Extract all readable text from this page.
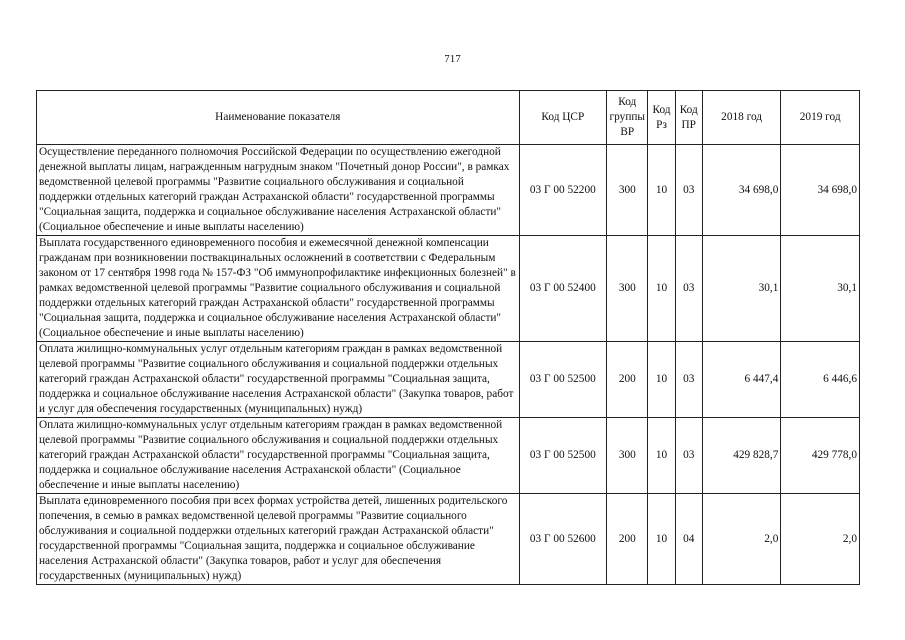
717
Наименование показателя	Код ЦСР	Код группы ВР	Код Рз	Код ПР	2018 год	2019 год
Осуществление переданного полномочия Российской Федерации по осуществлению ежегодной денежной выплаты лицам, награжденным нагрудным знаком "Почетный донор России", в рамках ведомственной целевой программы "Развитие социального обслуживания и социальной поддержки отдельных категорий граждан Астраханской области" государственной программы "Социальная защита, поддержка и социальное обслуживание населения Астраханской области" (Социальное обеспечение и иные выплаты населению)	03 Г 00 52200	300	10	03	34 698,0	34 698,0
Выплата государственного единовременного пособия и ежемесячной денежной компенсации гражданам при возникновении поствакцинальных осложнений в соответствии с Федеральным законом от 17 сентября 1998 года № 157-ФЗ "Об иммунопрофилактике инфекционных болезней" в рамках ведомственной целевой программы "Развитие социального обслуживания и социальной поддержки отдельных категорий граждан Астраханской области" государственной программы "Социальная защита, поддержка и социальное обслуживание населения Астраханской области" (Социальное обеспечение и иные выплаты населению)	03 Г 00 52400	300	10	03	30,1	30,1
Оплата жилищно-коммунальных услуг отдельным категориям граждан в рамках ведомственной целевой программы "Развитие социального обслуживания и социальной поддержки отдельных категорий граждан Астраханской области" государственной программы "Социальная защита, поддержка и социальное обслуживание населения Астраханской области" (Закупка товаров, работ и услуг для обеспечения государственных (муниципальных) нужд)	03 Г 00 52500	200	10	03	6 447,4	6 446,6
Оплата жилищно-коммунальных услуг отдельным категориям граждан в рамках ведомственной целевой программы "Развитие социального обслуживания и социальной поддержки отдельных категорий граждан Астраханской области" государственной программы "Социальная защита, поддержка и социальное обслуживание населения Астраханской области" (Социальное обеспечение и иные выплаты населению)	03 Г 00 52500	300	10	03	429 828,7	429 778,0
Выплата единовременного пособия при всех формах устройства детей, лишенных родительского попечения, в семью в рамках ведомственной целевой программы "Развитие социального обслуживания и социальной поддержки отдельных категорий граждан Астраханской области" государственной программы "Социальная защита, поддержка и социальное обслуживание населения Астраханской области" (Закупка товаров, работ и услуг для обеспечения государственных (муниципальных) нужд)	03 Г 00 52600	200	10	04	2,0	2,0
